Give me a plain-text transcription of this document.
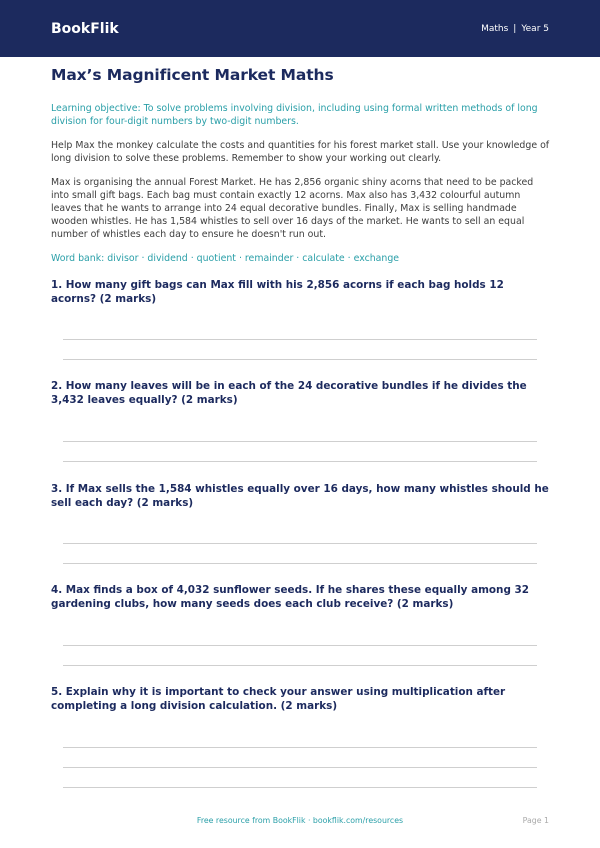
BookFlik	Maths | Year 5
Max’s Magnificent Market Maths
Learning objective: To solve problems involving division, including using formal written methods of long division for four-digit numbers by two-digit numbers.
Help Max the monkey calculate the costs and quantities for his forest market stall. Use your knowledge of long division to solve these problems. Remember to show your working out clearly.
Max is organising the annual Forest Market. He has 2,856 organic shiny acorns that need to be packed into small gift bags. Each bag must contain exactly 12 acorns. Max also has 3,432 colourful autumn leaves that he wants to arrange into 24 equal decorative bundles. Finally, Max is selling handmade wooden whistles. He has 1,584 whistles to sell over 16 days of the market. He wants to sell an equal number of whistles each day to ensure he doesn't run out.
Word bank: divisor · dividend · quotient · remainder · calculate · exchange
1. How many gift bags can Max fill with his 2,856 acorns if each bag holds 12 acorns? (2 marks)
2. How many leaves will be in each of the 24 decorative bundles if he divides the 3,432 leaves equally? (2 marks)
3. If Max sells the 1,584 whistles equally over 16 days, how many whistles should he sell each day? (2 marks)
4. Max finds a box of 4,032 sunflower seeds. If he shares these equally among 32 gardening clubs, how many seeds does each club receive? (2 marks)
5. Explain why it is important to check your answer using multiplication after completing a long division calculation. (2 marks)
Free resource from BookFlik · bookflik.com/resources	Page 1
